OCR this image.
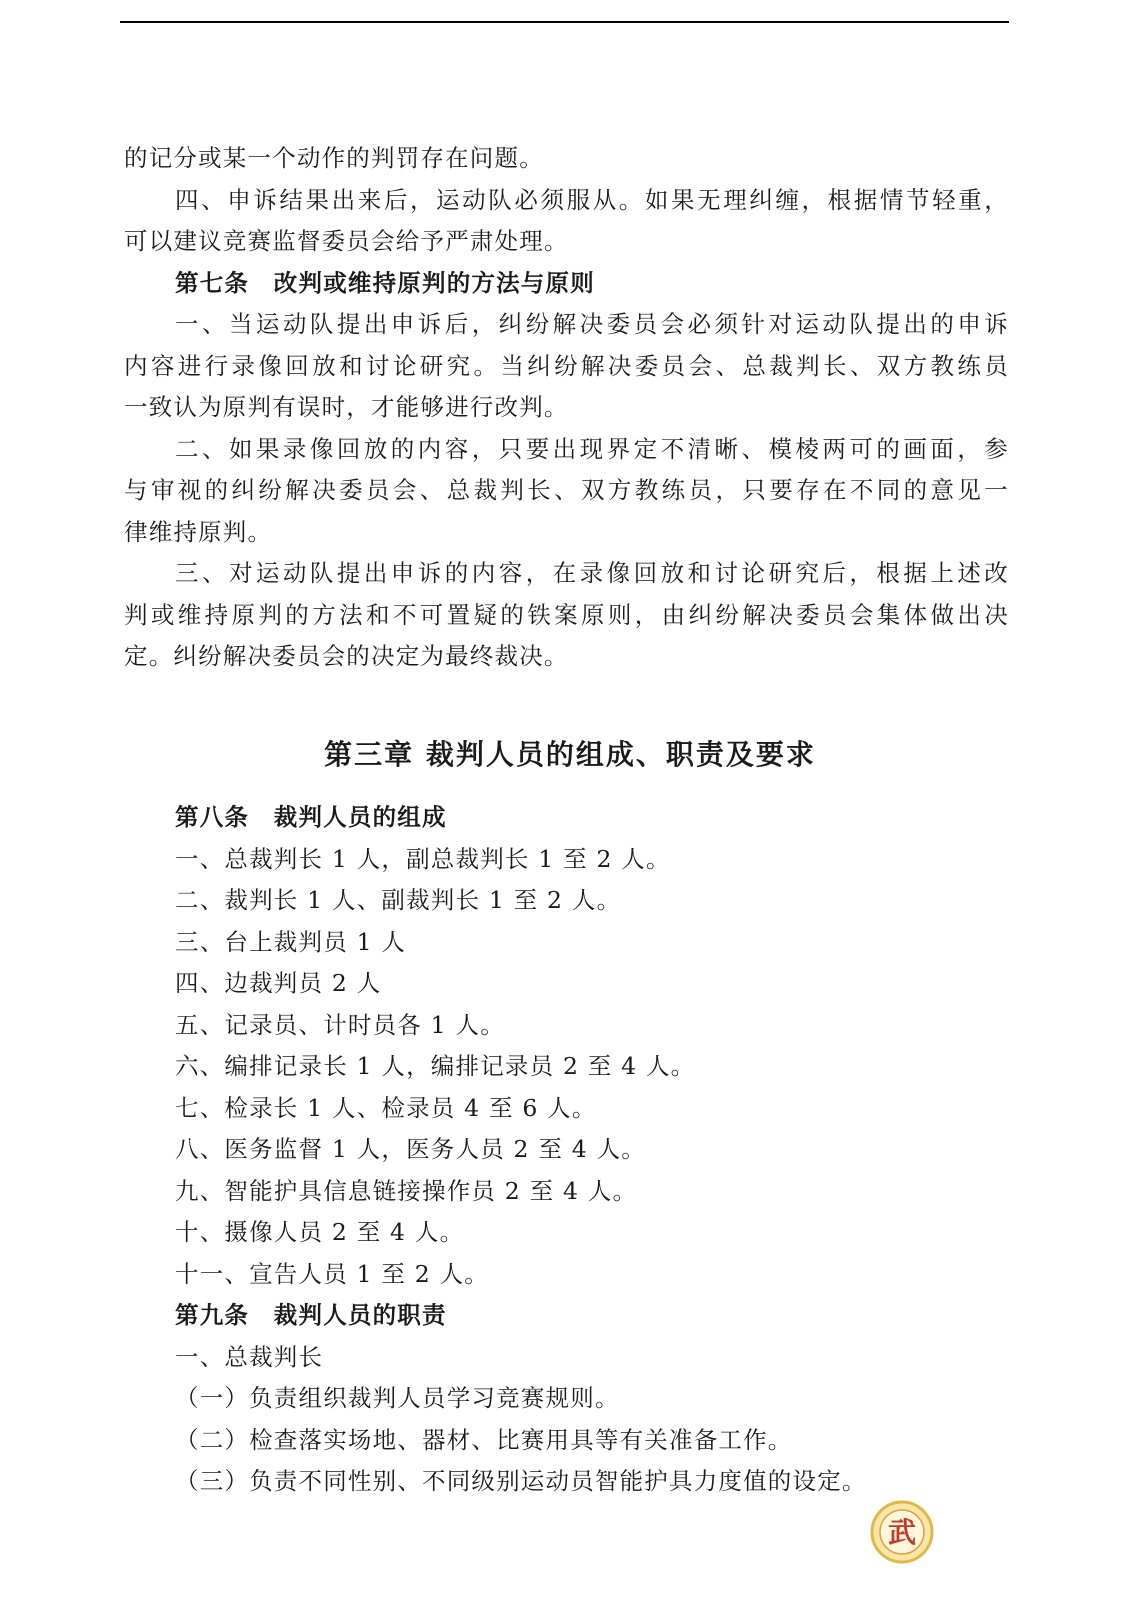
的记分或某一个动作的判罚存在问题。
四、申诉结果出来后，运动队必须服从。如果无理纠缠，根据情节轻重，
可以建议竞赛监督委员会给予严肃处理。
第七条　改判或维持原判的方法与原则
一、当运动队提出申诉后，纠纷解决委员会必须针对运动队提出的申诉
内容进行录像回放和讨论研究。当纠纷解决委员会、总裁判长、双方教练员
一致认为原判有误时，才能够进行改判。
二、如果录像回放的内容，只要出现界定不清晰、模棱两可的画面，参
与审视的纠纷解决委员会、总裁判长、双方教练员，只要存在不同的意见一
律维持原判。
三、对运动队提出申诉的内容，在录像回放和讨论研究后，根据上述改
判或维持原判的方法和不可置疑的铁案原则，由纠纷解决委员会集体做出决
定。纠纷解决委员会的决定为最终裁决。
第三章 裁判人员的组成、职责及要求
第八条　裁判人员的组成
一、总裁判长 1 人，副总裁判长 1 至 2 人。
二、裁判长 1 人、副裁判长 1 至 2 人。
三、台上裁判员 1 人
四、边裁判员 2 人
五、记录员、计时员各 1 人。
六、编排记录长 1 人，编排记录员 2 至 4 人。
七、检录长 1 人、检录员 4 至 6 人。
八、医务监督 1 人，医务人员 2 至 4 人。
九、智能护具信息链接操作员 2 至 4 人。
十、摄像人员 2 至 4 人。
十一、宣告人员 1 至 2 人。
第九条　裁判人员的职责
一、总裁判长
（一）负责组织裁判人员学习竞赛规则。
（二）检查落实场地、器材、比赛用具等有关准备工作。
（三）负责不同性别、不同级别运动员智能护具力度值的设定。
武
